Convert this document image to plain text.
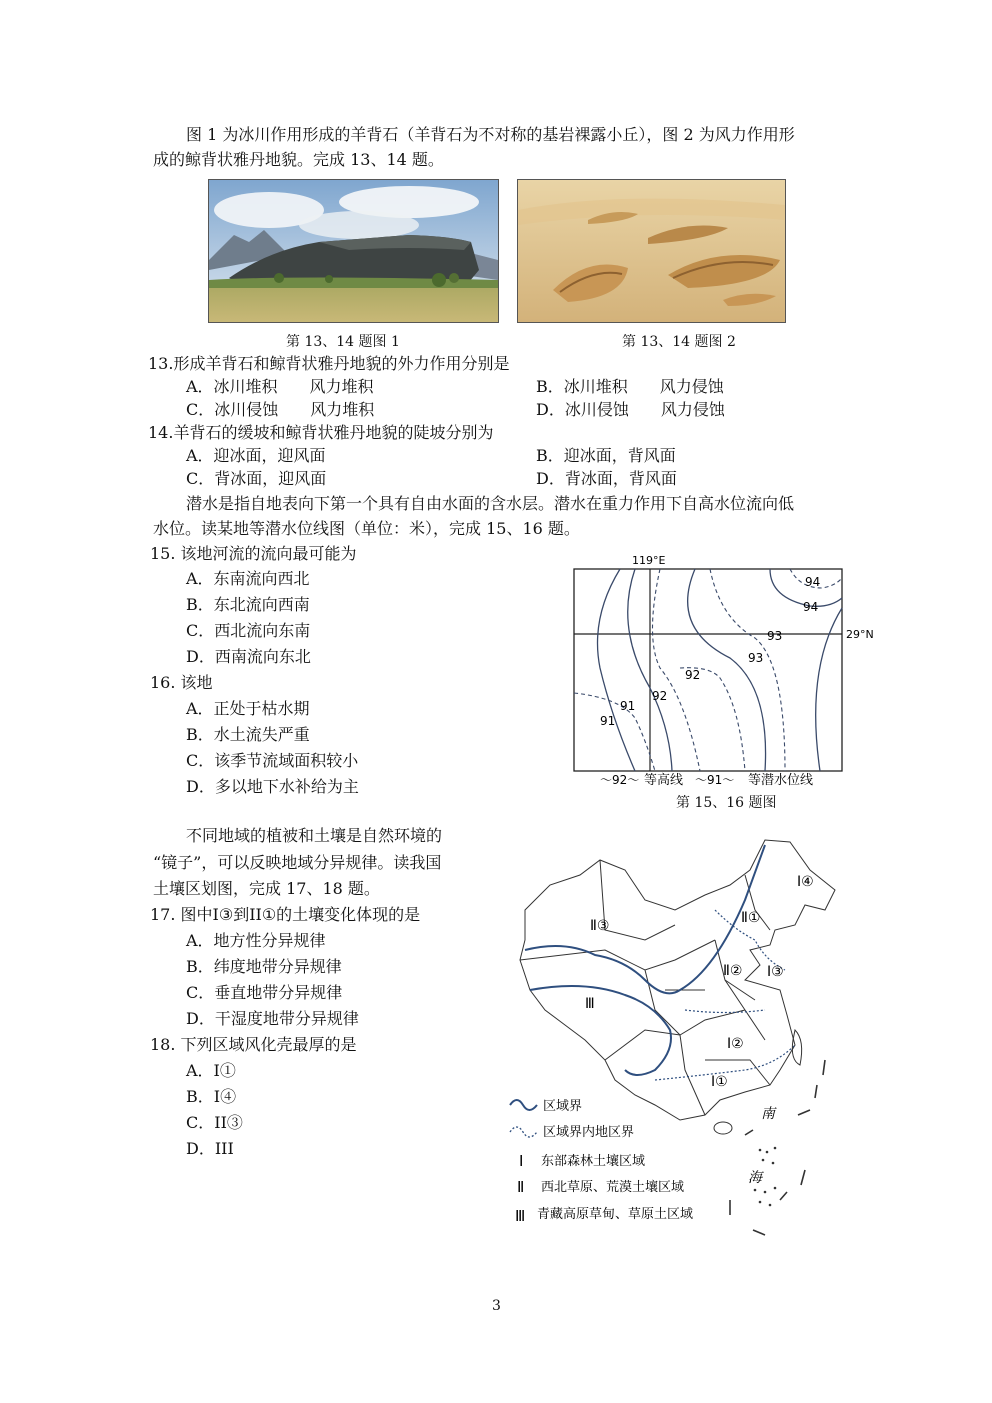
图 1 为冰川作用形成的羊背石（羊背石为不对称的基岩裸露小丘），图 2 为风力作用形
成的鲸背状雅丹地貌。完成 13、14 题。
第 13、14 题图 1	第 13、14 题图 2
13.形成羊背石和鲸背状雅丹地貌的外力作用分别是
A．冰川堆积　　风力堆积	B．冰川堆积　　风力侵蚀
C．冰川侵蚀　　风力堆积	D．冰川侵蚀　　风力侵蚀
14.羊背石的缓坡和鲸背状雅丹地貌的陡坡分别为
A．迎冰面，迎风面	B．迎冰面，背风面
C．背冰面，迎风面	D．背冰面，背风面
潜水是指自地表向下第一个具有自由水面的含水层。潜水在重力作用下自高水位流向低
水位。读某地等潜水位线图（单位：米），完成 15、16 题。
15. 该地河流的流向最可能为
A．东南流向西北
B．东北流向西南
C．西北流向东南
D．西南流向东北
16. 该地
A．正处于枯水期
B．水土流失严重
C．该季节流域面积较小
D．多以地下水补给为主
119°E
29°N
94
94
93
93
92
92
91
91
～92～ 等高线 ～91～ 等潜水位线
第 15、16 题图
不同地域的植被和土壤是自然环境的
“镜子”，可以反映地域分异规律。读我国
土壤区划图，完成 17、18 题。
17. 图中I③到II①的土壤变化体现的是
A．地方性分异规律
B．纬度地带分异规律
C．垂直地带分异规律
D．干湿度地带分异规律
18. 下列区域风化壳最厚的是
A．I①
B．I④
C．II③
D．III
Ⅰ④
Ⅱ①
Ⅱ③
Ⅱ② Ⅰ③
Ⅲ
Ⅰ②
Ⅰ①
南
海
区域界
区域界内地区界
Ⅰ 东部森林土壤区域
Ⅱ 西北草原、荒漠土壤区域
Ⅲ 青藏高原草甸、草原土区域
3
